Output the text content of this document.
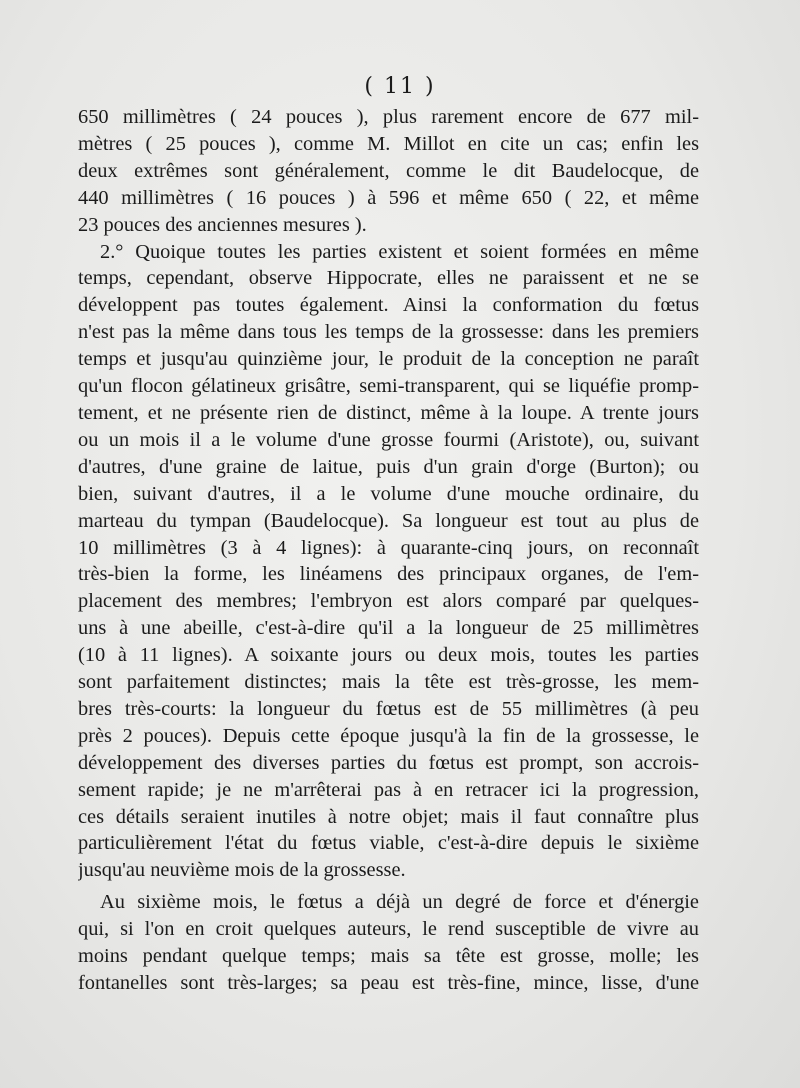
( 11 )
650 millimètres ( 24 pouces ), plus rarement encore de 677 mil-
mètres ( 25 pouces ), comme M. Millot en cite un cas; enfin les
deux extrêmes sont généralement, comme le dit Baudelocque, de
440 millimètres ( 16 pouces ) à 596 et même 650 ( 22, et même
23 pouces des anciennes mesures ).
2.° Quoique toutes les parties existent et soient formées en même
temps, cependant, observe Hippocrate, elles ne paraissent et ne se
développent pas toutes également. Ainsi la conformation du fœtus
n'est pas la même dans tous les temps de la grossesse: dans les premiers
temps et jusqu'au quinzième jour, le produit de la conception ne paraît
qu'un flocon gélatineux grisâtre, semi-transparent, qui se liquéfie promp-
tement, et ne présente rien de distinct, même à la loupe. A trente jours
ou un mois il a le volume d'une grosse fourmi (Aristote), ou, suivant
d'autres, d'une graine de laitue, puis d'un grain d'orge (Burton); ou
bien, suivant d'autres, il a le volume d'une mouche ordinaire, du
marteau du tympan (Baudelocque). Sa longueur est tout au plus de
10 millimètres (3 à 4 lignes): à quarante-cinq jours, on reconnaît
très-bien la forme, les linéamens des principaux organes, de l'em-
placement des membres; l'embryon est alors comparé par quelques-
uns à une abeille, c'est-à-dire qu'il a la longueur de 25 millimètres
(10 à 11 lignes). A soixante jours ou deux mois, toutes les parties
sont parfaitement distinctes; mais la tête est très-grosse, les mem-
bres très-courts: la longueur du fœtus est de 55 millimètres (à peu
près 2 pouces). Depuis cette époque jusqu'à la fin de la grossesse, le
développement des diverses parties du fœtus est prompt, son accrois-
sement rapide; je ne m'arrêterai pas à en retracer ici la progression,
ces détails seraient inutiles à notre objet; mais il faut connaître plus
particulièrement l'état du fœtus viable, c'est-à-dire depuis le sixième
jusqu'au neuvième mois de la grossesse.
Au sixième mois, le fœtus a déjà un degré de force et d'énergie
qui, si l'on en croit quelques auteurs, le rend susceptible de vivre au
moins pendant quelque temps; mais sa tête est grosse, molle; les
fontanelles sont très-larges; sa peau est très-fine, mince, lisse, d'une
